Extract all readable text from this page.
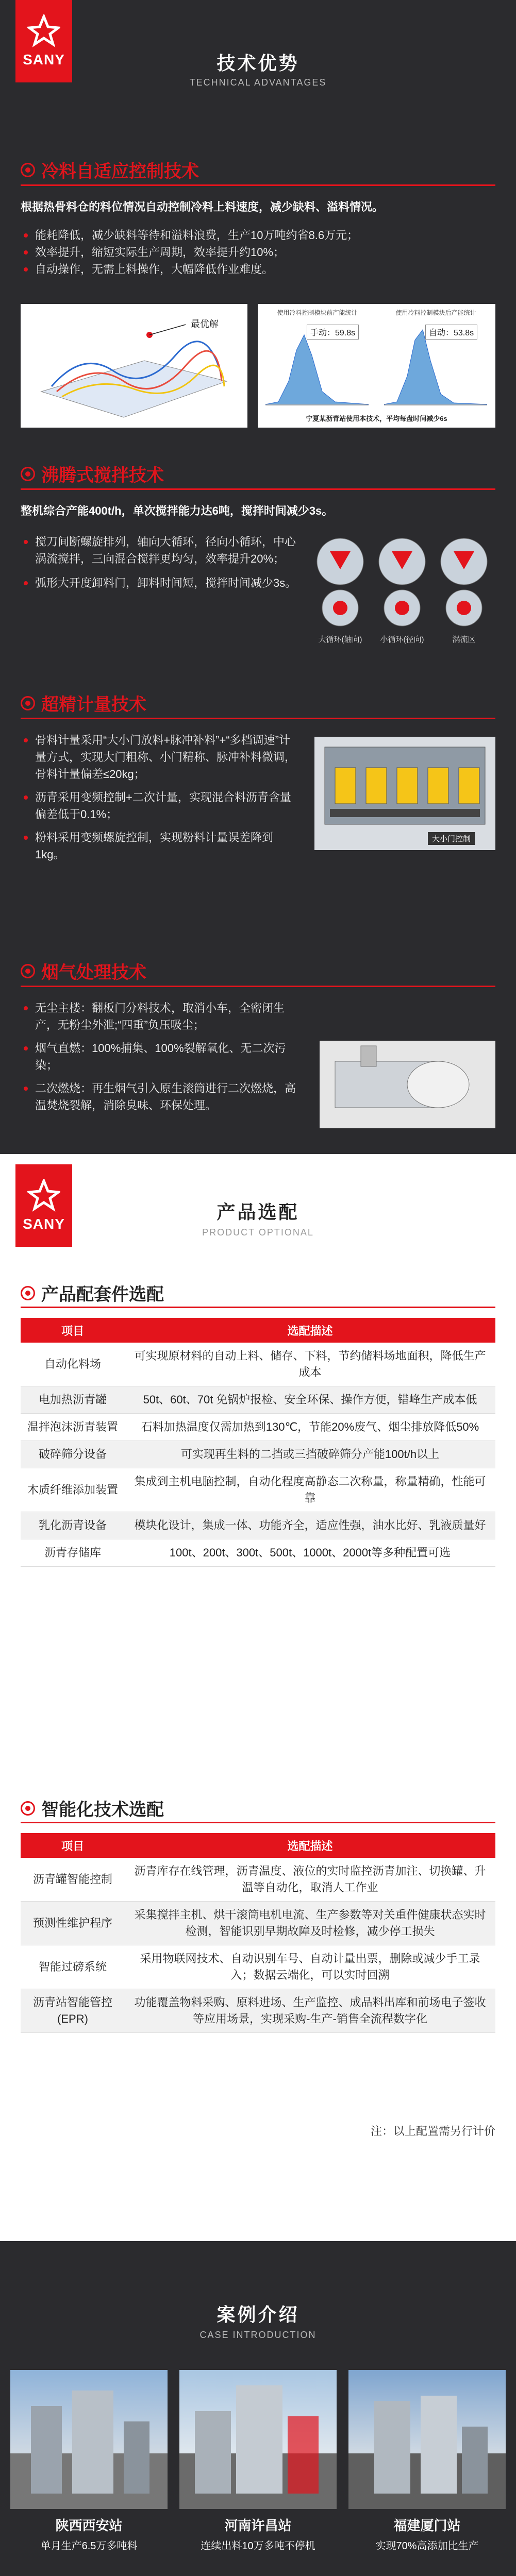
SANY	技术优势
TECHNICAL ADVANTAGES
冷料自适应控制技术
根据热骨料仓的料位情况自动控制冷料上料速度，减少缺料、溢料情况。
能耗降低，减少缺料等待和溢料浪费，生产10万吨约省8.6万元；
效率提升，缩短实际生产周期，效率提升约10%；
自动操作，无需上料操作，大幅降低作业难度。
最优解
使用冷料控制模块前产能统计	使用冷料控制模块后产能统计
手动：59.8s	自动：53.8s
宁夏某沥青站使用本技术，平均每盘时间减少6s
沸腾式搅拌技术
整机综合产能400t/h，单次搅拌能力达6吨，搅拌时间减少3s。
搅刀间断螺旋排列，轴向大循环，径向小循环，中心涡流搅拌，三向混合搅拌更均匀，效率提升20%；
弧形大开度卸料门，卸料时间短，搅拌时间减少3s。
大循环(轴向)	小循环(径向)	涡流区
超精计量技术
骨料计量采用“大小门放料+脉冲补料”+“多档调速”计量方式，实现大门粗称、小门精称、脉冲补料微调，骨料计量偏差≤20kg；
沥青采用变频控制+二次计量，实现混合料沥青含量偏差低于0.1%；
粉料采用变频螺旋控制，实现粉料计量误差降到1kg。
大小门控制
烟气处理技术
无尘主楼：翻板门分料技术，取消小车，全密闭生产，无粉尘外泄;“四重”负压吸尘；
烟气直燃：100%捕集、100%裂解氧化、无二次污染；
二次燃烧：再生烟气引入原生滚筒进行二次燃烧，高温焚烧裂解，消除臭味、环保处理。
SANY
产品选配
PRODUCT OPTIONAL
产品配套件选配
项目	选配描述
自动化料场	可实现原材料的自动上料、储存、下料，节约储料场地面积，降低生产成本
电加热沥青罐	50t、60t、70t 免锅炉报检、安全环保、操作方便，错峰生产成本低
温拌泡沫沥青装置	石料加热温度仅需加热到130℃，节能20%废气、烟尘排放降低50%
破碎筛分设备	可实现再生料的二挡或三挡破碎筛分产能100t/h以上
木质纤维添加装置	集成到主机电脑控制，自动化程度高静态二次称量，称量精确，性能可靠
乳化沥青设备	模块化设计，集成一体、功能齐全，适应性强，油水比好、乳液质量好
沥青存储库	100t、200t、300t、500t、1000t、2000t等多种配置可选
智能化技术选配
项目	选配描述
沥青罐智能控制	沥青库存在线管理，沥青温度、液位的实时监控沥青加注、切换罐、升温等自动化，取消人工作业
预测性维护程序	采集搅拌主机、烘干滚筒电机电流、生产参数等对关重件健康状态实时检测，智能识别早期故障及时检修，减少停工损失
智能过磅系统	采用物联网技术、自动识别车号、自动计量出票，删除或减少手工录入；数据云端化，可以实时回溯
沥青站智能管控(EPR)	功能覆盖物料采购、原料进场、生产监控、成品料出库和前场电子签收等应用场景，实现采购-生产-销售全流程数字化
注：以上配置需另行计价
案例介绍
CASE INTRODUCTION
陕西西安站
单月生产6.5万多吨料
河南许昌站
连续出料10万多吨不停机
福建厦门站
实现70%高添加比生产
